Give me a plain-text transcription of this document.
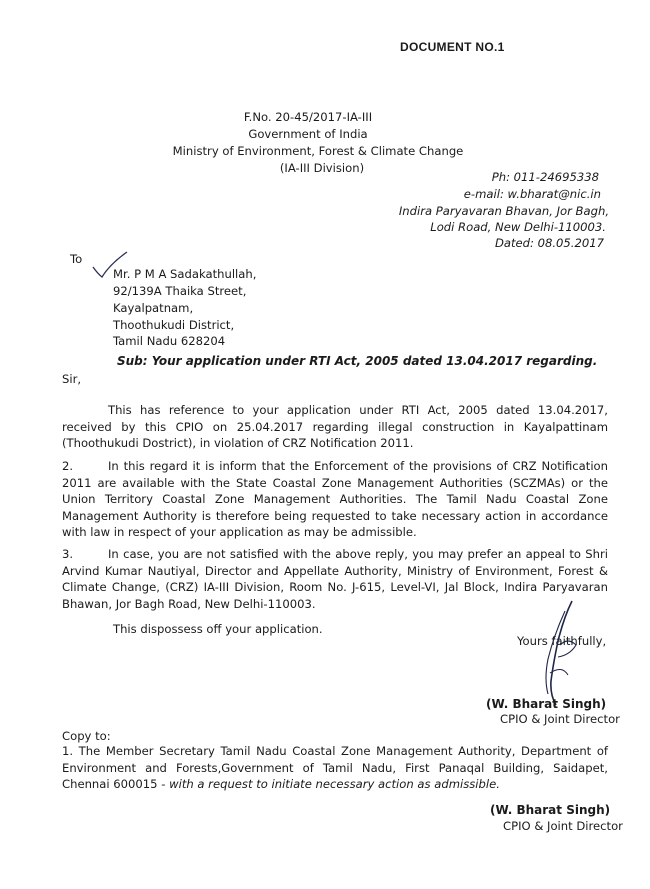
DOCUMENT NO.1
F.No. 20-45/2017-IA-III
Government of India
Ministry of Environment, Forest & Climate Change
(IA-III Division)
Ph: 011-24695338
e-mail: w.bharat@nic.in
Indira Paryavaran Bhavan, Jor Bagh,
Lodi Road, New Delhi-110003.
Dated: 08.05.2017
To
Mr. P M A Sadakathullah,
92/139A Thaika Street,
Kayalpatnam,
Thoothukudi District,
Tamil Nadu 628204
Sub: Your application under RTI Act, 2005 dated 13.04.2017 regarding.
Sir,
This has reference to your application under RTI Act, 2005 dated 13.04.2017, received by this CPIO on 25.04.2017 regarding illegal construction in Kayalpattinam (Thoothukudi Dostrict), in violation of CRZ Notification 2011.
2.	In this regard it is inform that the Enforcement of the provisions of CRZ Notification 2011 are available with the State Coastal Zone Management Authorities (SCZMAs) or the Union Territory Coastal Zone Management Authorities. The Tamil Nadu Coastal Zone Management Authority is therefore being requested to take necessary action in accordance with law in respect of your application as may be admissible.
3.	In case, you are not satisfied with the above reply, you may prefer an appeal to Shri Arvind Kumar Nautiyal, Director and Appellate Authority, Ministry of Environment, Forest & Climate Change, (CRZ) IA-III Division, Room No. J-615, Level-VI, Jal Block, Indira Paryavaran Bhawan, Jor Bagh Road, New Delhi-110003.
This dispossess off your application.
Yours faithfully,
(W. Bharat Singh)
CPIO & Joint Director
Copy to:
1. The Member Secretary Tamil Nadu Coastal Zone Management Authority, Department of Environment and Forests,Government of Tamil Nadu, First Panaqal Building, Saidapet, Chennai 600015 - with a request to initiate necessary action as admissible.
(W. Bharat Singh)
CPIO & Joint Director
